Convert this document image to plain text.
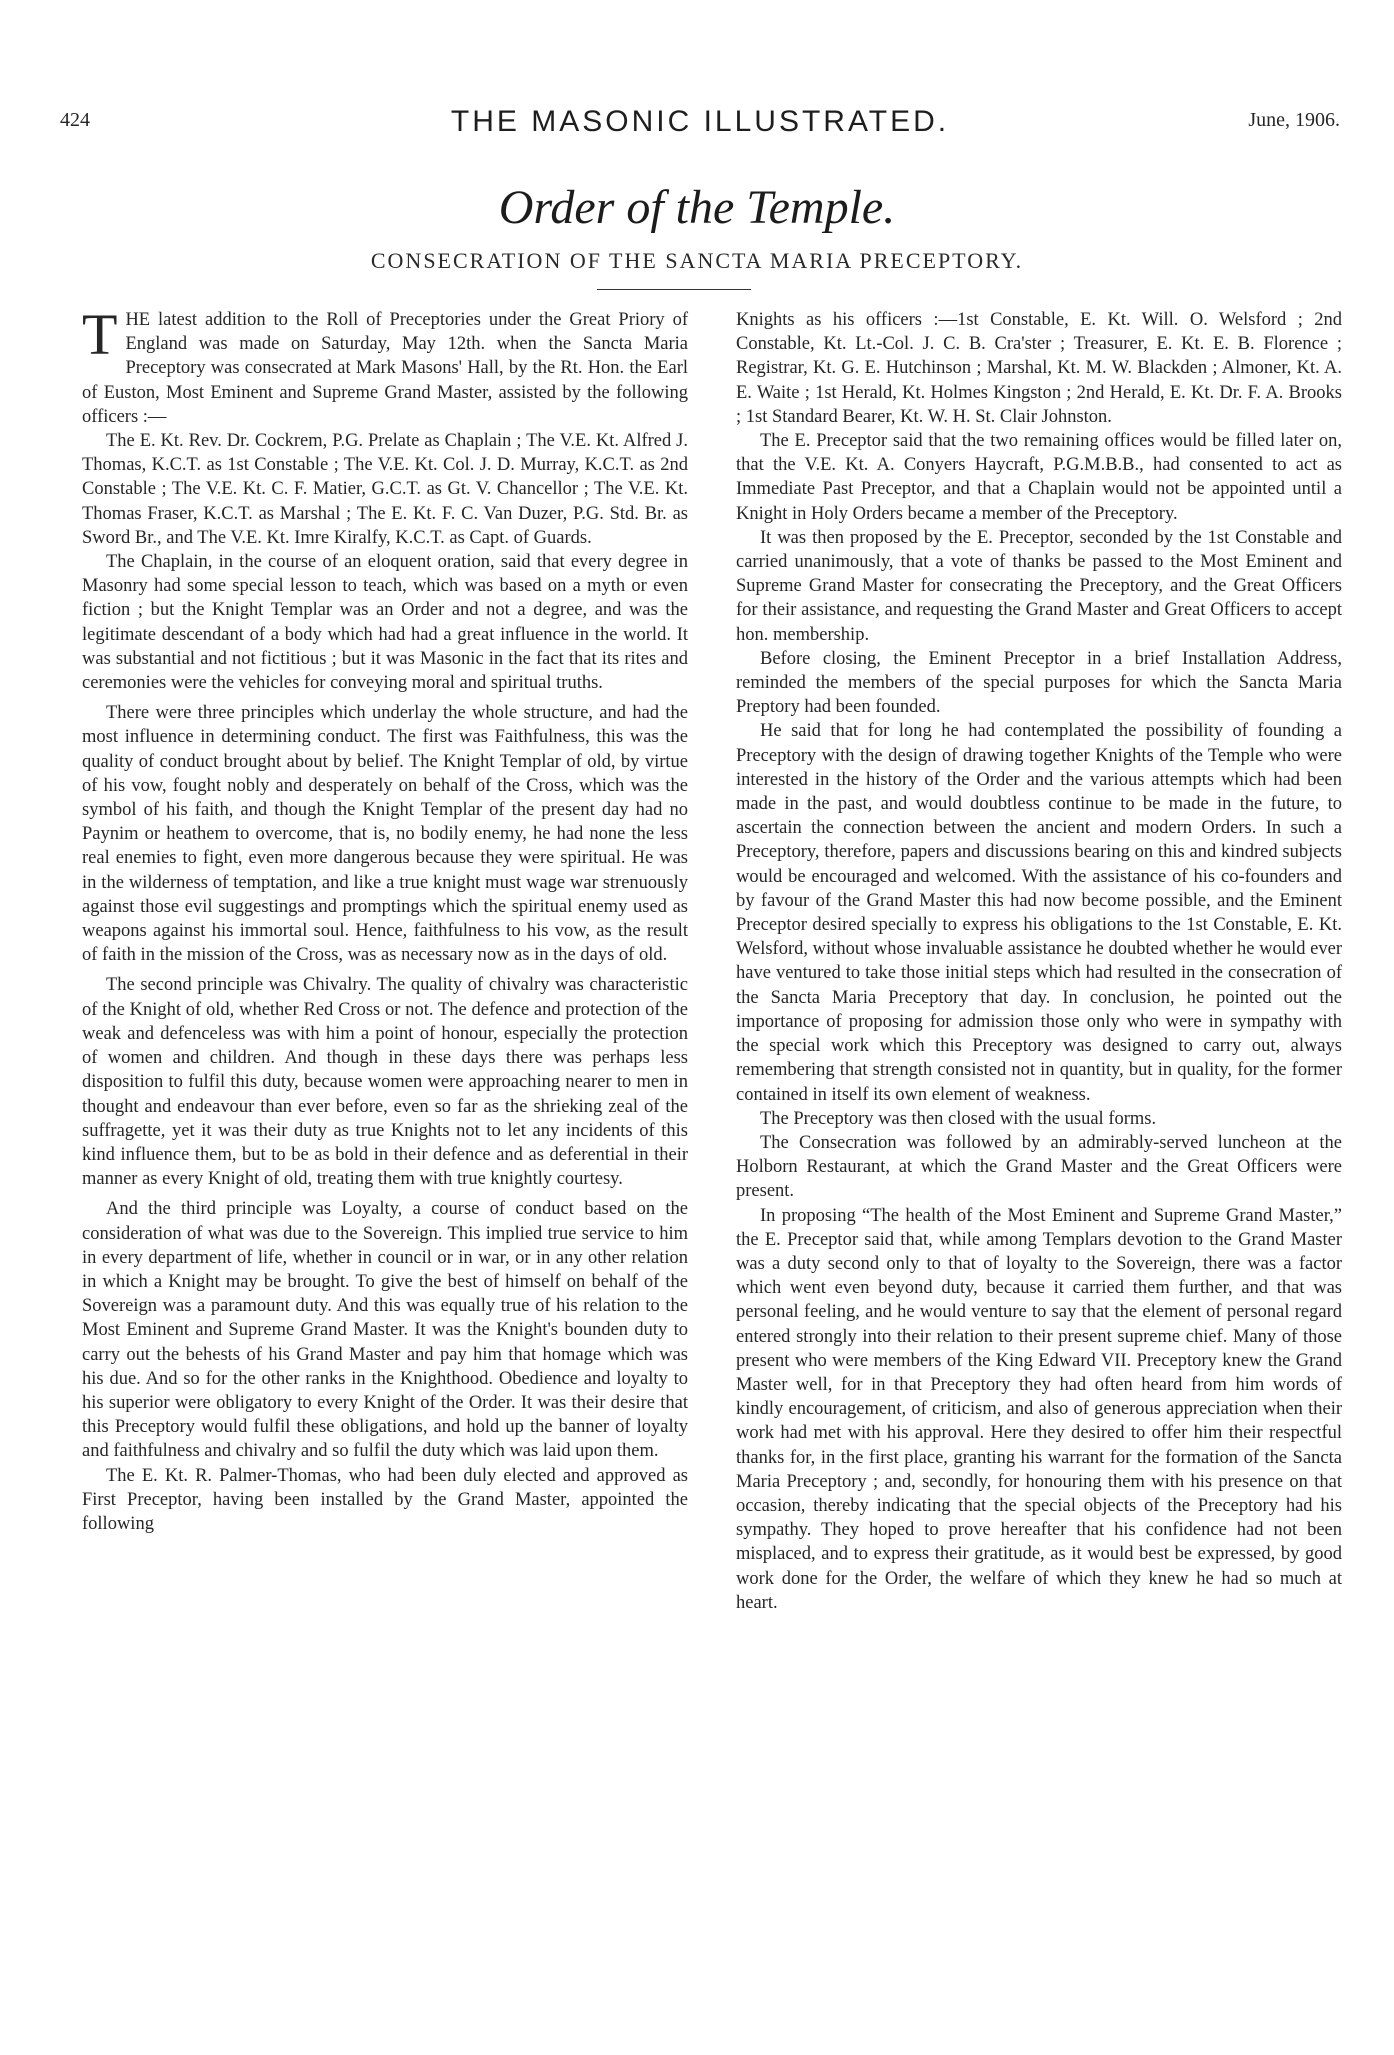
424	THE MASONIC ILLUSTRATED.	June, 1906.
Order of the Temple.
CONSECRATION OF THE SANCTA MARIA PRECEPTORY.

THE latest addition to the Roll of Preceptories under the Great Priory of England was made on Saturday, May 12th. when the Sancta Maria Preceptory was consecrated at Mark Masons' Hall, by the Rt. Hon. the Earl of Euston, Most Eminent and Supreme Grand Master, assisted by the following officers :—

The E. Kt. Rev. Dr. Cockrem, P.G. Prelate as Chaplain ; The V.E. Kt. Alfred J. Thomas, K.C.T. as 1st Constable ; The V.E. Kt. Col. J. D. Murray, K.C.T. as 2nd Constable ; The V.E. Kt. C. F. Matier, G.C.T. as Gt. V. Chancellor ; The V.E. Kt. Thomas Fraser, K.C.T. as Marshal ; The E. Kt. F. C. Van Duzer, P.G. Std. Br. as Sword Br., and The V.E. Kt. Imre Kiralfy, K.C.T. as Capt. of Guards.

The Chaplain, in the course of an eloquent oration, said that every degree in Masonry had some special lesson to teach, which was based on a myth or even fiction ; but the Knight Templar was an Order and not a degree, and was the legitimate descendant of a body which had had a great influence in the world. It was substantial and not fictitious ; but it was Masonic in the fact that its rites and ceremonies were the vehicles for conveying moral and spiritual truths.

There were three principles which underlay the whole structure, and had the most influence in determining conduct. The first was Faithfulness, this was the quality of conduct brought about by belief. The Knight Templar of old, by virtue of his vow, fought nobly and desperately on behalf of the Cross, which was the symbol of his faith, and though the Knight Templar of the present day had no Paynim or heathem to overcome, that is, no bodily enemy, he had none the less real enemies to fight, even more dangerous because they were spiritual. He was in the wilderness of temptation, and like a true knight must wage war strenuously against those evil suggestings and promptings which the spiritual enemy used as weapons against his immortal soul. Hence, faithfulness to his vow, as the result of faith in the mission of the Cross, was as necessary now as in the days of old.

The second principle was Chivalry. The quality of chivalry was characteristic of the Knight of old, whether Red Cross or not. The defence and protection of the weak and defenceless was with him a point of honour, especially the protection of women and children. And though in these days there was perhaps less disposition to fulfil this duty, because women were approaching nearer to men in thought and endeavour than ever before, even so far as the shrieking zeal of the suffragette, yet it was their duty as true Knights not to let any incidents of this kind influence them, but to be as bold in their defence and as deferential in their manner as every Knight of old, treating them with true knightly courtesy.

And the third principle was Loyalty, a course of conduct based on the consideration of what was due to the Sovereign. This implied true service to him in every department of life, whether in council or in war, or in any other relation in which a Knight may be brought. To give the best of himself on behalf of the Sovereign was a paramount duty. And this was equally true of his relation to the Most Eminent and Supreme Grand Master. It was the Knight's bounden duty to carry out the behests of his Grand Master and pay him that homage which was his due. And so for the other ranks in the Knighthood. Obedience and loyalty to his superior were obligatory to every Knight of the Order. It was their desire that this Preceptory would fulfil these obligations, and hold up the banner of loyalty and faithfulness and chivalry and so fulfil the duty which was laid upon them.

The E. Kt. R. Palmer-Thomas, who had been duly elected and approved as First Preceptor, having been installed by the Grand Master, appointed the following

Knights as his officers :—1st Constable, E. Kt. Will. O. Welsford ; 2nd Constable, Kt. Lt.-Col. J. C. B. Cra'ster ; Treasurer, E. Kt. E. B. Florence ; Registrar, Kt. G. E. Hutchinson ; Marshal, Kt. M. W. Blackden ; Almoner, Kt. A. E. Waite ; 1st Herald, Kt. Holmes Kingston ; 2nd Herald, E. Kt. Dr. F. A. Brooks ; 1st Standard Bearer, Kt. W. H. St. Clair Johnston.

The E. Preceptor said that the two remaining offices would be filled later on, that the V.E. Kt. A. Conyers Haycraft, P.G.M.B.B., had consented to act as Immediate Past Preceptor, and that a Chaplain would not be appointed until a Knight in Holy Orders became a member of the Preceptory.

It was then proposed by the E. Preceptor, seconded by the 1st Constable and carried unanimously, that a vote of thanks be passed to the Most Eminent and Supreme Grand Master for consecrating the Preceptory, and the Great Officers for their assistance, and requesting the Grand Master and Great Officers to accept hon. membership.

Before closing, the Eminent Preceptor in a brief Installation Address, reminded the members of the special purposes for which the Sancta Maria Preptory had been founded.

He said that for long he had contemplated the possibility of founding a Preceptory with the design of drawing together Knights of the Temple who were interested in the history of the Order and the various attempts which had been made in the past, and would doubtless continue to be made in the future, to ascertain the connection between the ancient and modern Orders. In such a Preceptory, therefore, papers and discussions bearing on this and kindred subjects would be encouraged and welcomed. With the assistance of his co-founders and by favour of the Grand Master this had now become possible, and the Eminent Preceptor desired specially to express his obligations to the 1st Constable, E. Kt. Welsford, without whose invaluable assistance he doubted whether he would ever have ventured to take those initial steps which had resulted in the consecration of the Sancta Maria Preceptory that day. In conclusion, he pointed out the importance of proposing for admission those only who were in sympathy with the special work which this Preceptory was designed to carry out, always remembering that strength consisted not in quantity, but in quality, for the former contained in itself its own element of weakness.

The Preceptory was then closed with the usual forms.

The Consecration was followed by an admirably-served luncheon at the Holborn Restaurant, at which the Grand Master and the Great Officers were present.

In proposing “The health of the Most Eminent and Supreme Grand Master,” the E. Preceptor said that, while among Templars devotion to the Grand Master was a duty second only to that of loyalty to the Sovereign, there was a factor which went even beyond duty, because it carried them further, and that was personal feeling, and he would venture to say that the element of personal regard entered strongly into their relation to their present supreme chief. Many of those present who were members of the King Edward VII. Preceptory knew the Grand Master well, for in that Preceptory they had often heard from him words of kindly encouragement, of criticism, and also of generous appreciation when their work had met with his approval. Here they desired to offer him their respectful thanks for, in the first place, granting his warrant for the formation of the Sancta Maria Preceptory ; and, secondly, for honouring them with his presence on that occasion, thereby indicating that the special objects of the Preceptory had his sympathy. They hoped to prove hereafter that his confidence had not been misplaced, and to express their gratitude, as it would best be expressed, by good work done for the Order, the welfare of which they knew he had so much at heart.
